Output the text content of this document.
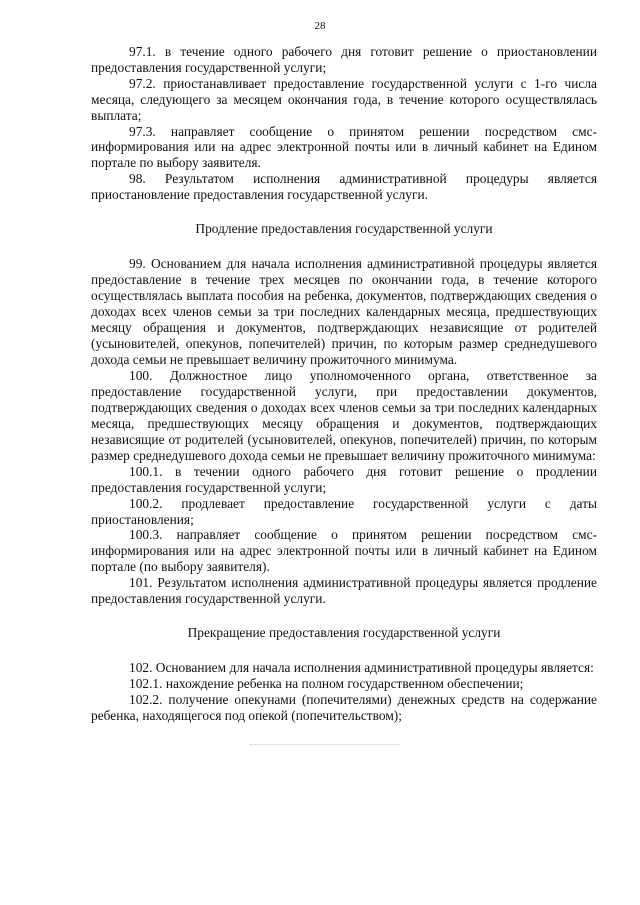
28

97.1. в течение одного рабочего дня готовит решение о приостановлении предоставления государственной услуги;

97.2. приостанавливает предоставление государственной услуги с 1-го числа месяца, следующего за месяцем окончания года, в течение которого осуществлялась выплата;

97.3. направляет сообщение о принятом решении посредством смс-информирования или на адрес электронной почты или в личный кабинет на Едином портале по выбору заявителя.

98. Результатом исполнения административной процедуры является приостановление предоставления государственной услуги.

Продление предоставления государственной услуги

99. Основанием для начала исполнения административной процедуры является предоставление в течение трех месяцев по окончании года, в течение которого осуществлялась выплата пособия на ребенка, документов, подтверждающих сведения о доходах всех членов семьи за три последних календарных месяца, предшествующих месяцу обращения и документов, подтверждающих независящие от родителей (усыновителей, опекунов, попечителей) причин, по которым размер среднедушевого дохода семьи не превышает величину прожиточного минимума.

100. Должностное лицо уполномоченного органа, ответственное за предоставление государственной услуги, при предоставлении документов, подтверждающих сведения о доходах всех членов семьи за три последних календарных месяца, предшествующих месяцу обращения и документов, подтверждающих независящие от родителей (усыновителей, опекунов, попечителей) причин, по которым размер среднедушевого дохода семьи не превышает величину прожиточного минимума:

100.1. в течении одного рабочего дня готовит решение о продлении предоставления государственной услуги;

100.2. продлевает предоставление государственной услуги с даты приостановления;

100.3. направляет сообщение о принятом решении посредством смс-информирования или на адрес электронной почты или в личный кабинет на Едином портале (по выбору заявителя).

101. Результатом исполнения административной процедуры является продление предоставления государственной услуги.

Прекращение предоставления государственной услуги

102. Основанием для начала исполнения административной процедуры является:

102.1. нахождение ребенка на полном государственном обеспечении;

102.2. получение опекунами (попечителями) денежных средств на содержание ребенка, находящегося под опекой (попечительством);
